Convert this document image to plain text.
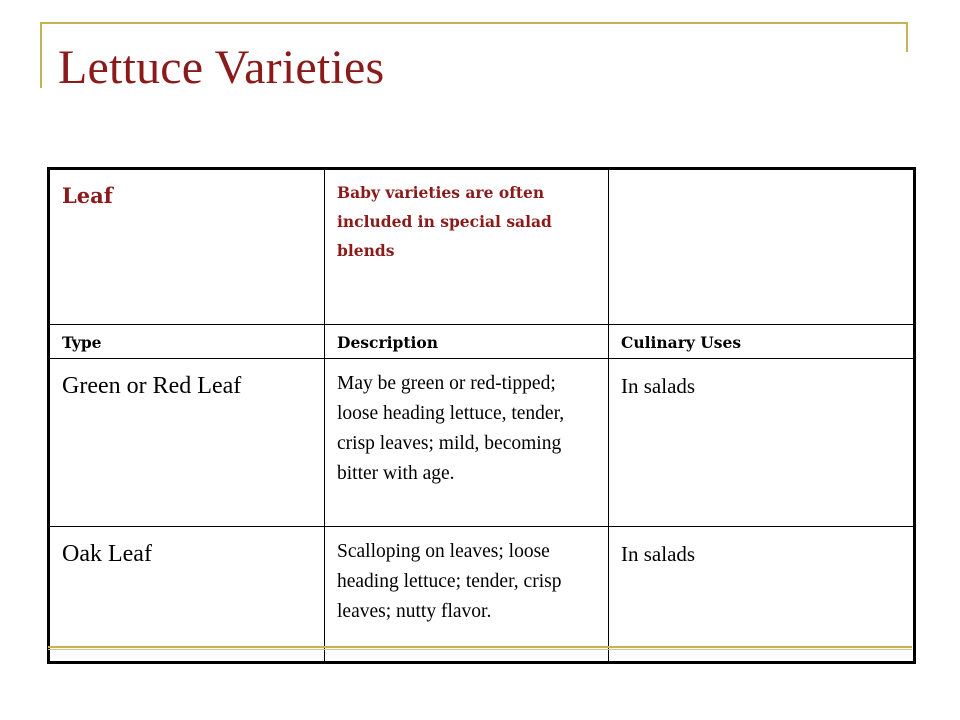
Lettuce Varieties
Leaf	Baby varieties are often included in special salad blends	

Type	Description	Culinary Uses
Green or Red Leaf	May be green or red-tipped; loose heading lettuce, tender, crisp leaves; mild, becoming bitter with age.	In salads
Oak Leaf	Scalloping on leaves; loose heading lettuce; tender, crisp leaves; nutty flavor.	In salads
